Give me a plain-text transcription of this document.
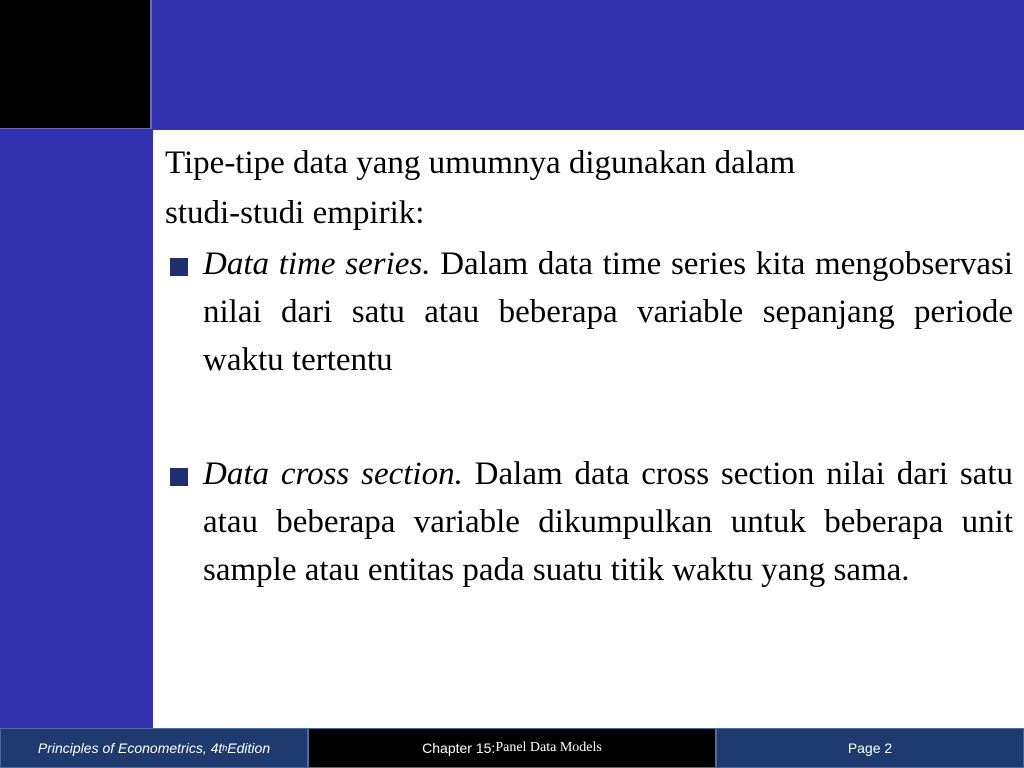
Tipe-tipe data yang umumnya digunakan dalam
studi-studi empirik:

Data time series. Dalam data time series kita mengobservasi nilai dari satu atau beberapa variable sepanjang periode waktu tertentu

Data cross section. Dalam data cross section nilai dari satu atau beberapa variable dikumpulkan untuk beberapa unit sample atau entitas pada suatu titik waktu yang sama.

Principles of Econometrics, 4t h Edition	Chapter 15: Panel Data Models	Page 2
